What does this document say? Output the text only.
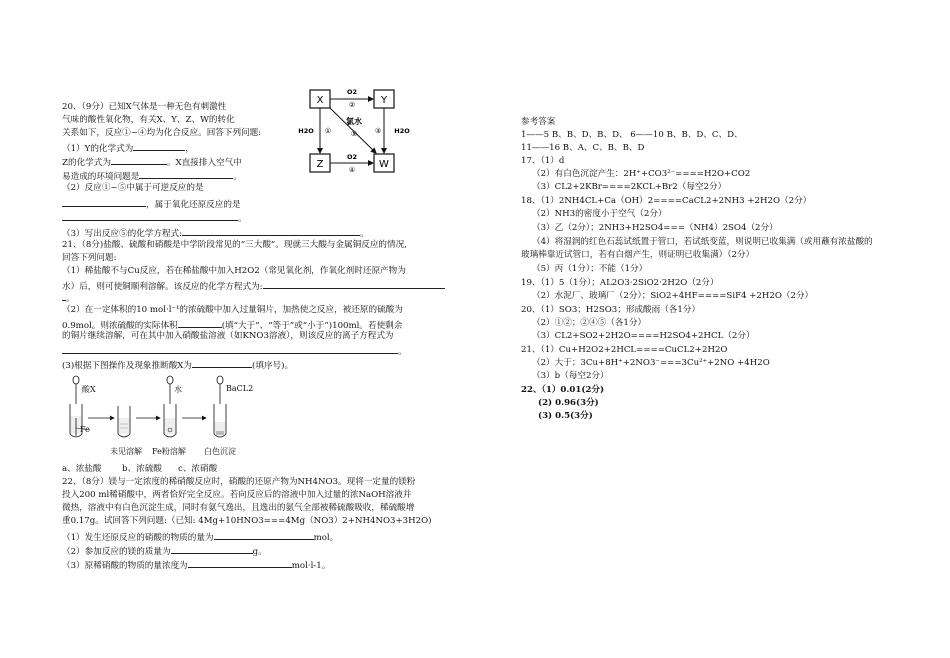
20、（9分）已知X气体是一种无色有刺激性
气味的酸性氧化物，有关X、Y、Z、W的转化
关系如下，反应①~④均为化合反应。回答下列问题:
（1）Y的化学式为	，
Z的化学式为	。X直接排入空气中
易造成的环境问题是	。
（2）反应①~⑤中属于可逆反应的是
，属于氧化还原反应的是
。
（3）写出反应⑤的化学方程式:	。
X	Y
Z	W
O2
②
O2
④
H2O ①	H2O
③
氯水
⑤
21、（8分)盐酸、硫酸和硝酸是中学阶段常见的“三大酸”。现就三大酸与金属铜反应的情况,
回答下列问题:
（1）稀盐酸不与Cu反应，若在稀盐酸中加入H2O2（常见氧化剂，作氧化剂时还原产物为
水）后，则可使铜顺利溶解。该反应的化学方程式为:
。
（2）在一定体积的10 mol·l⁻¹的浓硫酸中加入过量铜片，加热使之反应，被还原的硫酸为
0.9mol。则浓硫酸的实际体积	(填“大于”、“等于”或“小于”)100ml。若使剩余
的铜片继续溶解，可在其中加入硝酸盐溶液（如KNO3溶液），则该反应的离子方程式为
。
(3)根据下图操作及现象推断酸X为	(填序号)。
酸X
Fe
水	BaCL2
未见溶解 Fe粉溶解 白色沉淀
a、浓盐酸 b、浓硫酸 c、浓硝酸
22、（8分）镁与一定浓度的稀硝酸反应时，硝酸的还原产物为NH4NO3。现将一定量的镁粉
投入200 ml稀硝酸中，两者恰好完全反应。若向反应后的溶液中加入过量的浓NaOH溶液并
微热，溶液中有白色沉淀生成，同时有氨气逸出，且逸出的氨气全部被稀硫酸吸收，稀硫酸增
重0.17g。试回答下列问题:（已知: 4Mg+10HNO3===4Mg（NO3）2+NH4NO3+3H2O)
（1）发生还原反应的硝酸的物质的量为	mol。
（2）参加反应的镁的质量为	g。
（3）原稀硝酸的物质的量浓度为	mol·l-1。
参考答案
1——5 B、B、D、B、D、 6——10 B、B、D、C、D、
11——16 B、A、C、B、B、D
17、（1）d
（2）有白色沉淀产生：2H⁺+CO3²⁻====H2O+CO2
（3）CL2+2KBr====2KCL+Br2（每空2分）
18、（1）2NH4CL+Ca（OH）2====CaCL2+2NH3 +2H2O（2分）
（2）NH3的密度小于空气（2分）
（3）乙（2分）；2NH3+H2SO4===（NH4）2SO4（2分）
（4）将湿润的红色石蕊试纸置于管口，若试纸变蓝，则说明已收集满（或用蘸有浓盐酸的
玻璃棒靠近试管口，若有白烟产生，则证明已收集满）（2分）
（5）丙（1分）；不能（1分）
19、（1）5（1分）；AL2O3·2SiO2·2H2O（2分）
（2）水泥厂、玻璃厂（2分）；SiO2+4HF====SiF4 +2H2O（2分）
20、（1）SO3；H2SO3；形成酸雨（各1分）
（2）①②；②④⑤（各1分）
（3）CL2+SO2+2H2O====H2SO4+2HCL（2分）
21、（1）Cu+H2O2+2HCL====CuCL2+2H2O
（2）大于；3Cu+8H⁺+2NO3⁻===3Cu²⁺+2NO +4H2O
（3）b（每空2分）
22、（1）0.01(2分)
(2) 0.96(3分)
(3) 0.5(3分)
